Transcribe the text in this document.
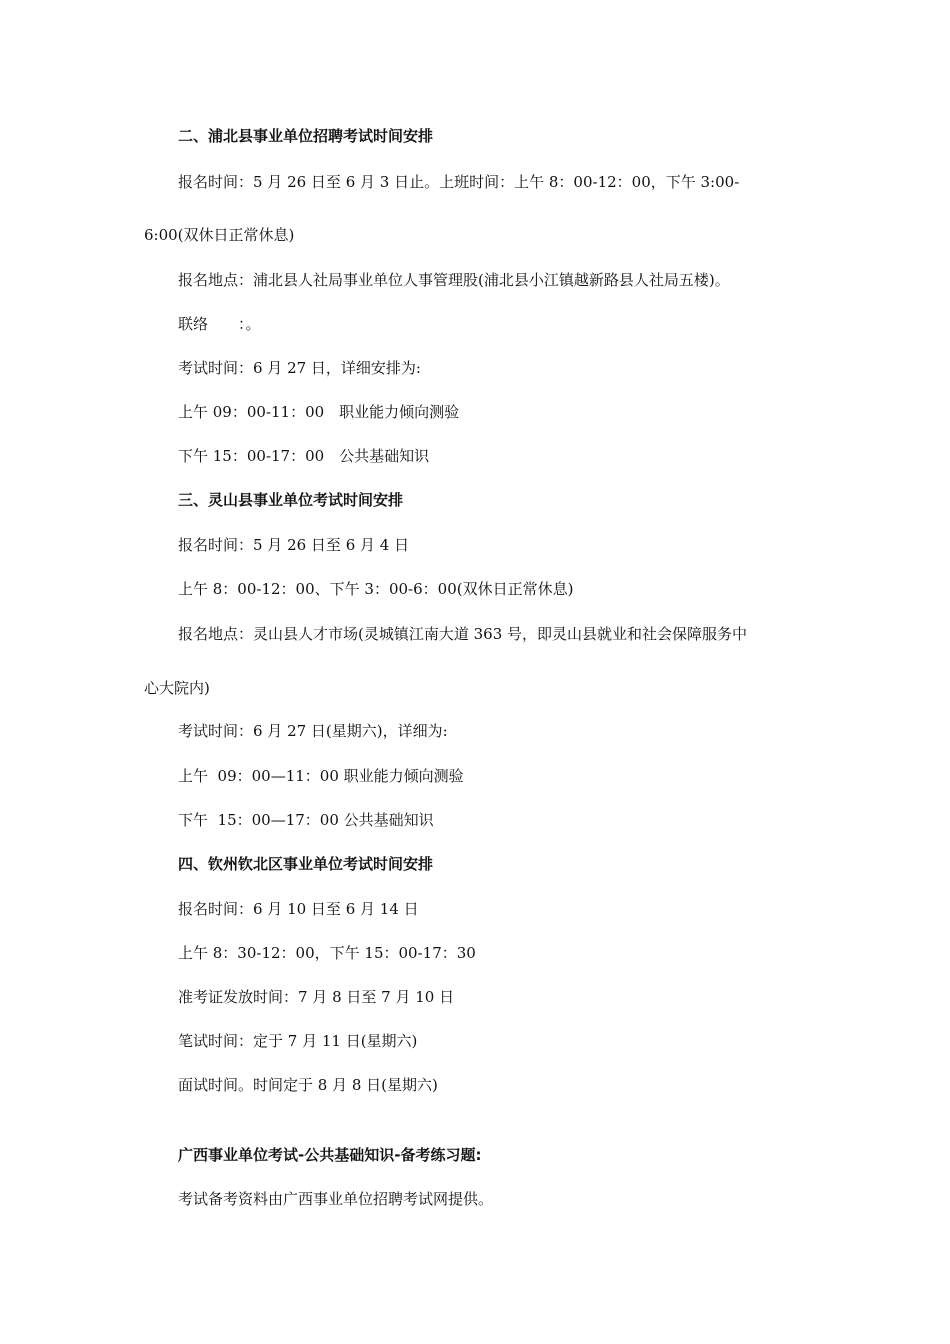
二、浦北县事业单位招聘考试时间安排
报名时间：5 月 26 日至 6 月 3 日止。上班时间：上午 8：00-12：00，下午 3:00-
6:00(双休日正常休息)
报名地点：浦北县人社局事业单位人事管理股(浦北县小江镇越新路县人社局五楼)。
联络　　：。
考试时间：6 月 27 日，详细安排为:
上午 09：00-11：00　职业能力倾向测验
下午 15：00-17：00　公共基础知识
三、灵山县事业单位考试时间安排
报名时间：5 月 26 日至 6 月 4 日
上午 8：00-12：00、下午 3：00-6：00(双休日正常休息)
报名地点：灵山县人才市场(灵城镇江南大道 363 号，即灵山县就业和社会保障服务中
心大院内)
考试时间：6 月 27 日(星期六)，详细为:
上午  09：00—11：00 职业能力倾向测验
下午  15：00—17：00 公共基础知识
四、钦州钦北区事业单位考试时间安排
报名时间：6 月 10 日至 6 月 14 日
上午 8：30-12：00，下午 15：00-17：30
准考证发放时间：7 月 8 日至 7 月 10 日
笔试时间：定于 7 月 11 日(星期六)
面试时间。时间定于 8 月 8 日(星期六)
广西事业单位考试-公共基础知识-备考练习题:
考试备考资料由广西事业单位招聘考试网提供。
